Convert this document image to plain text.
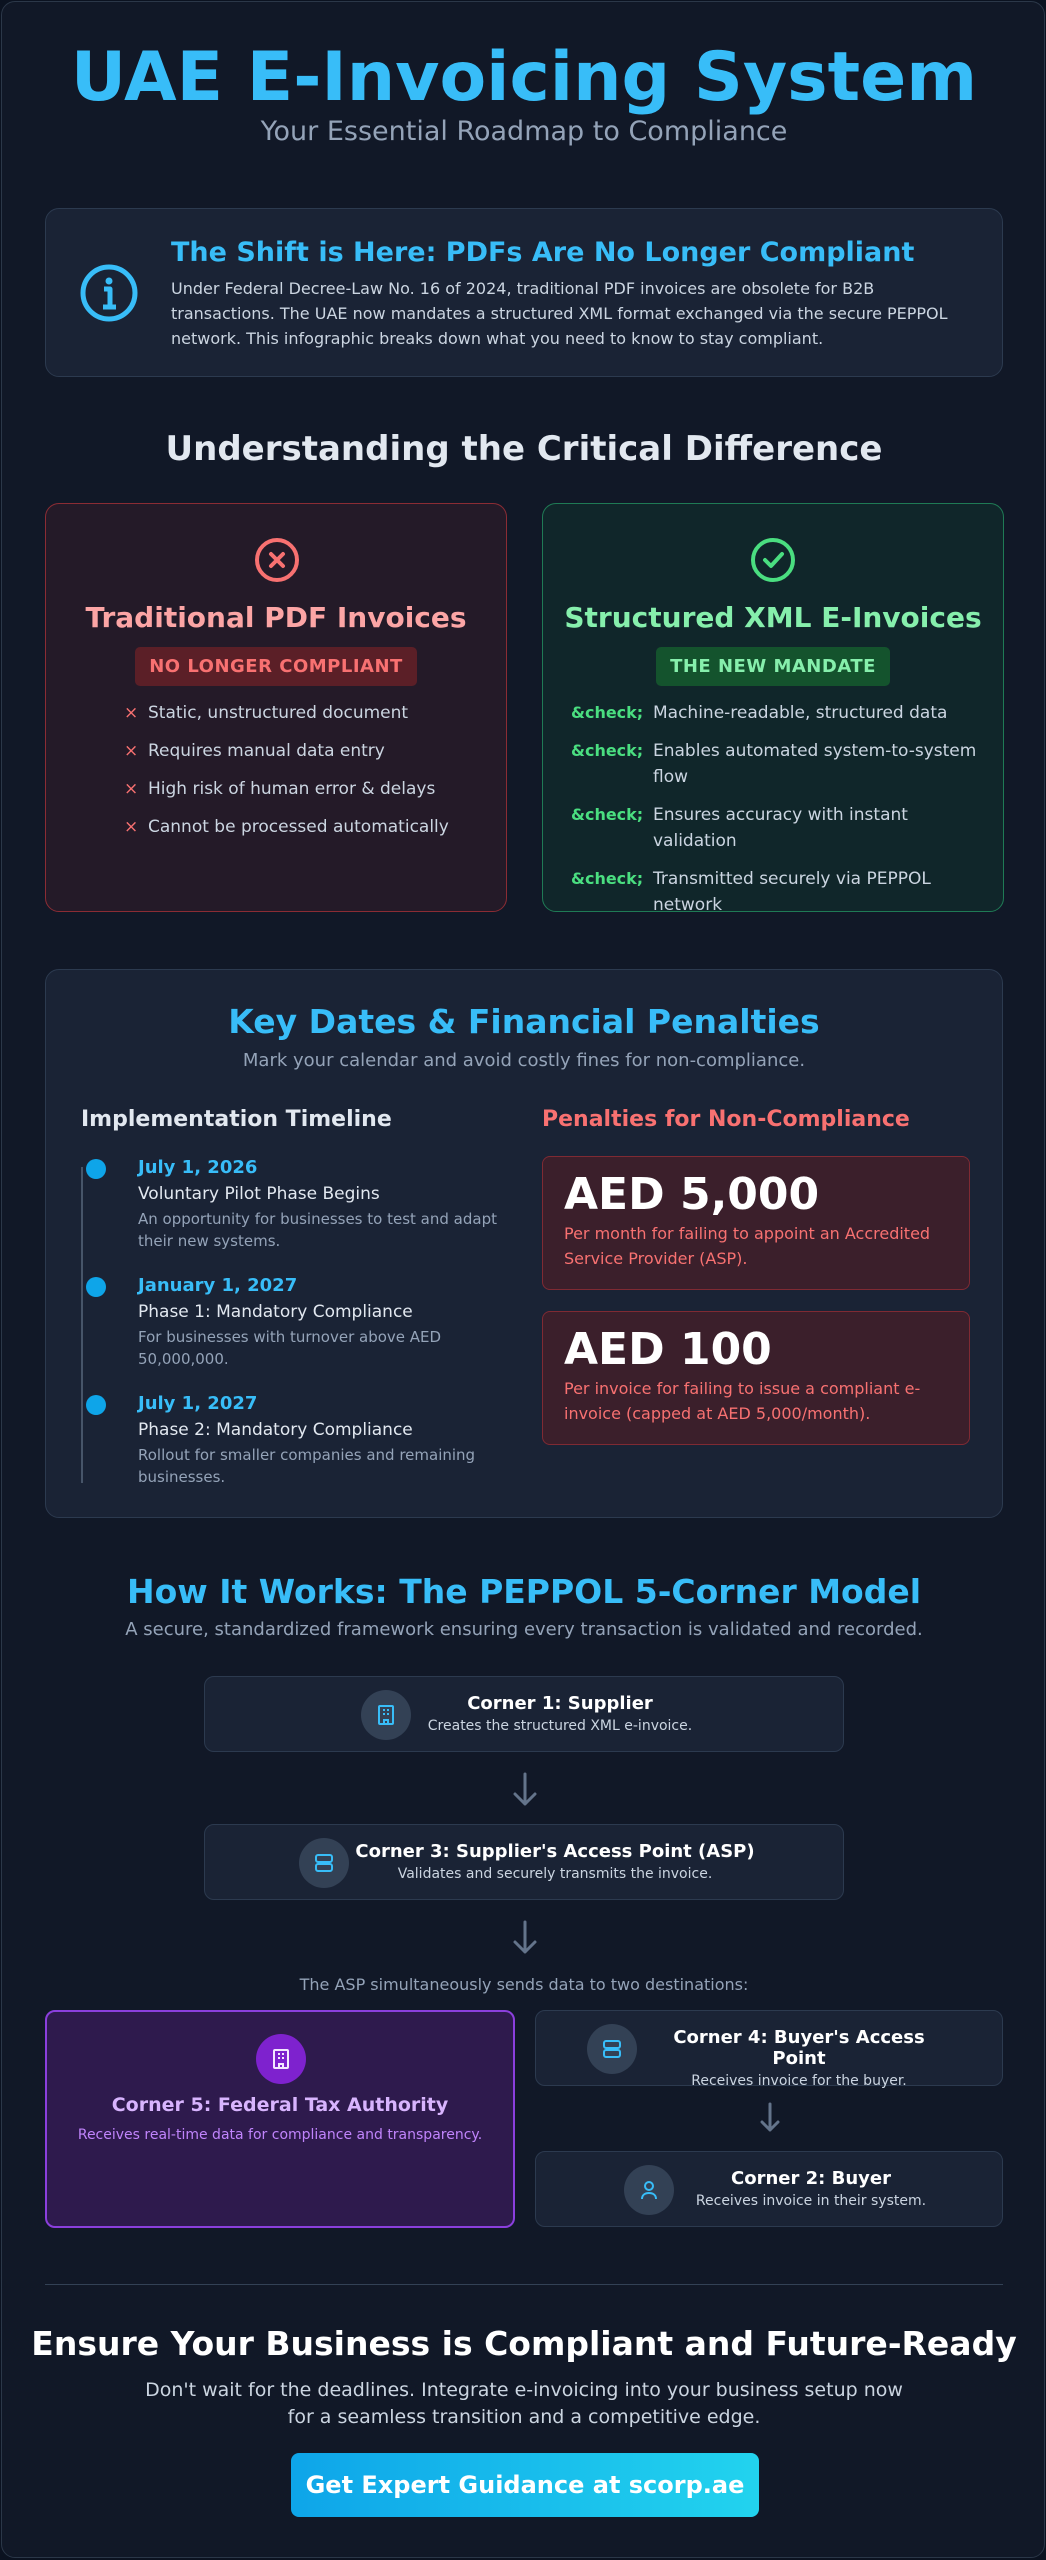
UAE E-Invoicing System
Your Essential Roadmap to Compliance
The Shift is Here: PDFs Are No Longer Compliant
Under Federal Decree-Law No. 16 of 2024, traditional PDF invoices are obsolete for B2B transactions. The UAE now mandates a structured XML format exchanged via the secure PEPPOL network. This infographic breaks down what you need to know to stay compliant.
Understanding the Critical Difference
Traditional PDF Invoices
NO LONGER COMPLIANT
× Static, unstructured document
× Requires manual data entry
× High risk of human error & delays
× Cannot be processed automatically
Structured XML E-Invoices
THE NEW MANDATE
&check; Machine-readable, structured data
&check; Enables automated system-to-system flow
&check; Ensures accuracy with instant validation
&check; Transmitted securely via PEPPOL network
Key Dates & Financial Penalties
Mark your calendar and avoid costly fines for non-compliance.
Implementation Timeline
July 1, 2026
Voluntary Pilot Phase Begins
An opportunity for businesses to test and adapt their new systems.
January 1, 2027
Phase 1: Mandatory Compliance
For businesses with turnover above AED 50,000,000.
July 1, 2027
Phase 2: Mandatory Compliance
Rollout for smaller companies and remaining businesses.
Penalties for Non-Compliance
AED 5,000
Per month for failing to appoint an Accredited Service Provider (ASP).
AED 100
Per invoice for failing to issue a compliant e-invoice (capped at AED 5,000/month).
How It Works: The PEPPOL 5-Corner Model
A secure, standardized framework ensuring every transaction is validated and recorded.
Corner 1: Supplier
Creates the structured XML e-invoice.
Corner 3: Supplier's Access Point (ASP)
Validates and securely transmits the invoice.
The ASP simultaneously sends data to two destinations:
Corner 5: Federal Tax Authority
Receives real-time data for compliance and transparency.
Corner 4: Buyer's Access Point
Receives invoice for the buyer.
Corner 2: Buyer
Receives invoice in their system.
Ensure Your Business is Compliant and Future-Ready
Don't wait for the deadlines. Integrate e-invoicing into your business setup now for a seamless transition and a competitive edge.
Get Expert Guidance at scorp.ae
